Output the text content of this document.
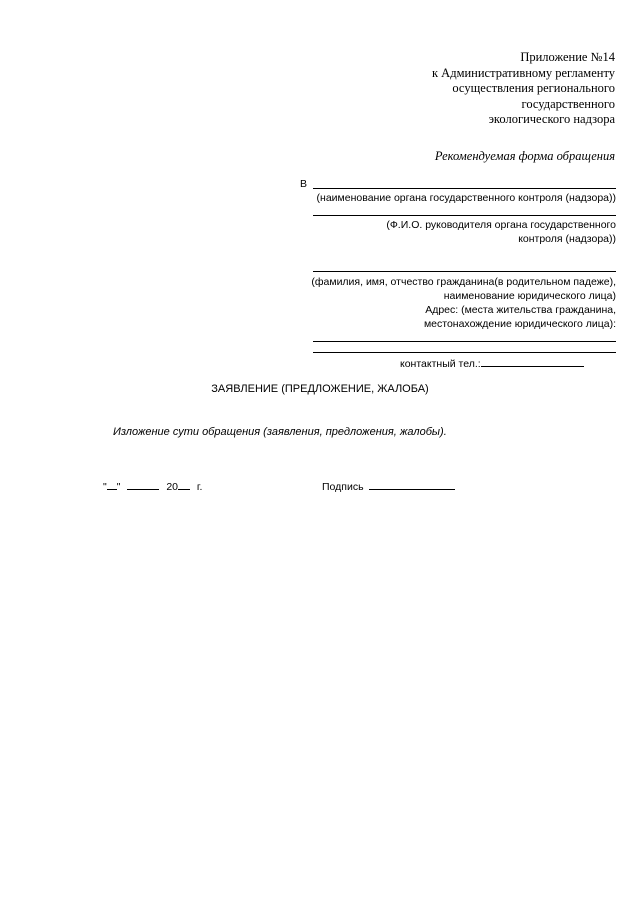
Приложение №14
к Административному регламенту
осуществления регионального
государственного
экологического надзора
Рекомендуемая форма обращения
В
(наименование органа государственного контроля (надзора))
(Ф.И.О. руководителя органа государственного
контроля (надзора))
(фамилия, имя, отчество гражданина(в родительном падеже),
наименование юридического лица)
Адрес: (места жительства гражданина,
местонахождение юридического лица):
контактный тел.:
ЗАЯВЛЕНИЕ (ПРЕДЛОЖЕНИЕ, ЖАЛОБА)
Изложение сути обращения (заявления, предложения, жалобы).
" "	20 г.	Подпись
